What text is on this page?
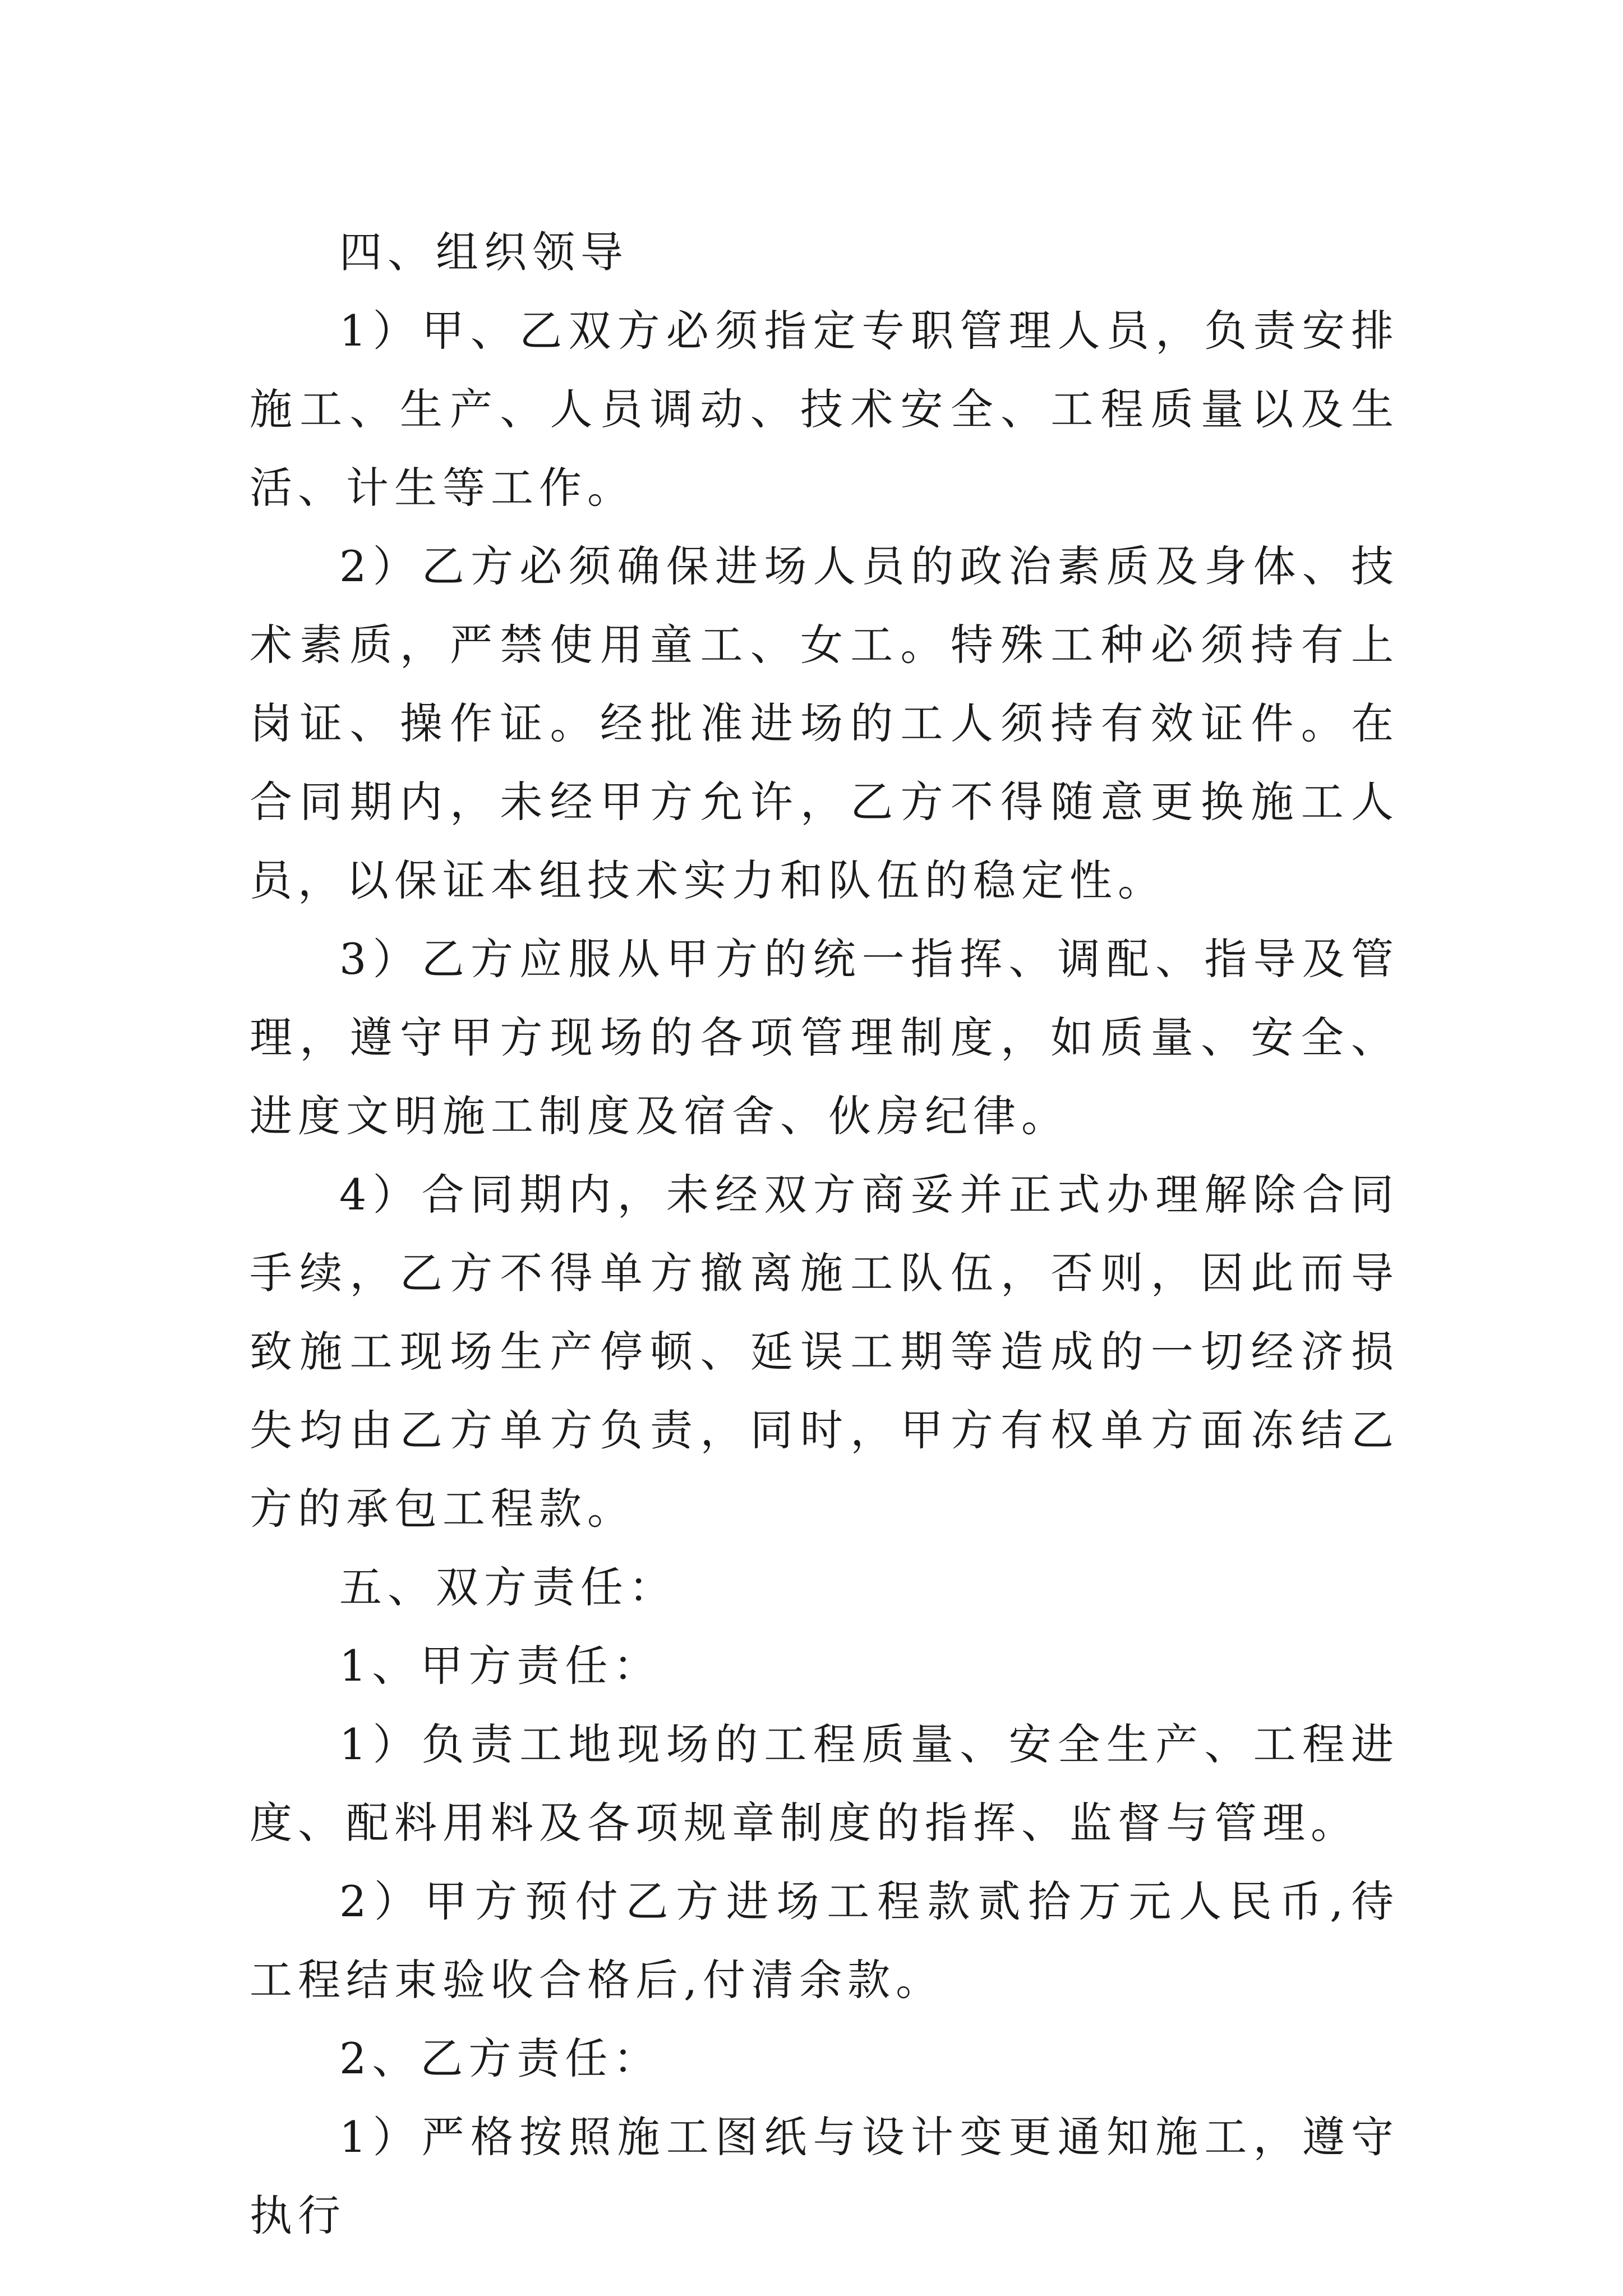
四、组织领导

1）甲、乙双方必须指定专职管理人员，负责安排施工、生产、人员调动、技术安全、工程质量以及生活、计生等工作。

2）乙方必须确保进场人员的政治素质及身体、技术素质，严禁使用童工、女工。特殊工种必须持有上岗证、操作证。经批准进场的工人须持有效证件。在合同期内，未经甲方允许，乙方不得随意更换施工人员，以保证本组技术实力和队伍的稳定性。

3）乙方应服从甲方的统一指挥、调配、指导及管理，遵守甲方现场的各项管理制度，如质量、安全、进度文明施工制度及宿舍、伙房纪律。

4）合同期内，未经双方商妥并正式办理解除合同手续，乙方不得单方撤离施工队伍，否则，因此而导致施工现场生产停顿、延误工期等造成的一切经济损失均由乙方单方负责，同时，甲方有权单方面冻结乙方的承包工程款。

五、双方责任：

1、甲方责任：

1）负责工地现场的工程质量、安全生产、工程进度、配料用料及各项规章制度的指挥、监督与管理。

2）甲方预付乙方进场工程款贰拾万元人民币,待工程结束验收合格后,付清余款。

2、乙方责任：

1）严格按照施工图纸与设计变更通知施工，遵守执行
